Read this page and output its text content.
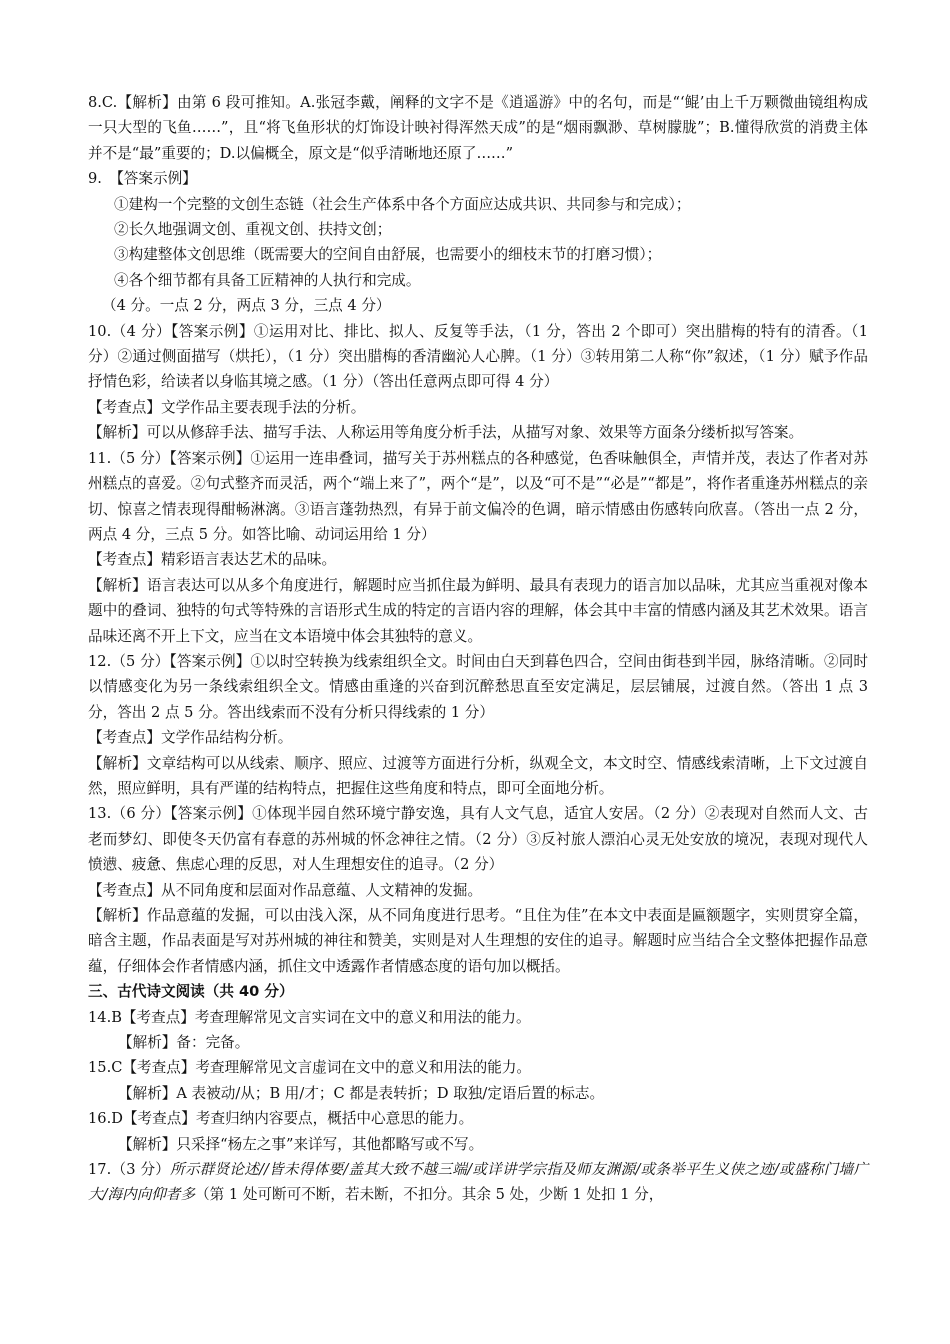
8.C.【解析】由第 6 段可推知。A.张冠李戴，阐释的文字不是《逍遥游》中的名句，而是“‘鲲’由上千万颗微曲镜组构成一只大型的飞鱼……”，且“将飞鱼形状的灯饰设计映衬得浑然天成”的是“烟雨飘渺、草树朦胧”；B.懂得欣赏的消费主体并不是“最”重要的；D.以偏概全，原文是“似乎清晰地还原了……”

9.　【答案示例】

①建构一个完整的文创生态链（社会生产体系中各个方面应达成共识、共同参与和完成）；

②长久地强调文创、重视文创、扶持文创；

③构建整体文创思维（既需要大的空间自由舒展，也需要小的细枝末节的打磨习惯）；

④各个细节都有具备工匠精神的人执行和完成。

（4 分。一点 2 分，两点 3 分，三点 4 分）

10.（4 分）【答案示例】①运用对比、排比、拟人、反复等手法，（1 分，答出 2 个即可）突出腊梅的特有的清香。（1 分）②通过侧面描写（烘托），（1 分）突出腊梅的香清幽沁人心脾。（1 分）③转用第二人称“你”叙述，（1 分）赋予作品抒情色彩，给读者以身临其境之感。（1 分）（答出任意两点即可得 4 分）

【考查点】文学作品主要表现手法的分析。

【解析】可以从修辞手法、描写手法、人称运用等角度分析手法，从描写对象、效果等方面条分缕析拟写答案。

11.（5 分）【答案示例】①运用一连串叠词，描写关于苏州糕点的各种感觉，色香味触俱全，声情并茂，表达了作者对苏州糕点的喜爱。②句式整齐而灵活，两个“端上来了”，两个“是”，以及“可不是”“必是”“都是”，将作者重逢苏州糕点的亲切、惊喜之情表现得酣畅淋漓。③语言蓬勃热烈，有异于前文偏冷的色调，暗示情感由伤感转向欣喜。（答出一点 2 分，两点 4 分，三点 5 分。如答比喻、动词运用给 1 分）

【考查点】精彩语言表达艺术的品味。

【解析】语言表达可以从多个角度进行，解题时应当抓住最为鲜明、最具有表现力的语言加以品味，尤其应当重视对像本题中的叠词、独特的句式等特殊的言语形式生成的特定的言语内容的理解，体会其中丰富的情感内涵及其艺术效果。语言品味还离不开上下文，应当在文本语境中体会其独特的意义。

12.（5 分）【答案示例】①以时空转换为线索组织全文。时间由白天到暮色四合，空间由街巷到半园，脉络清晰。②同时以情感变化为另一条线索组织全文。情感由重逢的兴奋到沉醉愁思直至安定满足，层层铺展，过渡自然。（答出 1 点 3 分，答出 2 点 5 分。答出线索而不没有分析只得线索的 1 分）

【考查点】文学作品结构分析。

【解析】文章结构可以从线索、顺序、照应、过渡等方面进行分析，纵观全文，本文时空、情感线索清晰，上下文过渡自然，照应鲜明，具有严谨的结构特点，把握住这些角度和特点，即可全面地分析。

13.（6 分）【答案示例】①体现半园自然环境宁静安逸，具有人文气息，适宜人安居。（2 分）②表现对自然而人文、古老而梦幻、即使冬天仍富有春意的苏州城的怀念神往之情。（2 分）③反衬旅人漂泊心灵无处安放的境况，表现对现代人愤懑、疲惫、焦虑心理的反思，对人生理想安住的追寻。（2 分）

【考查点】从不同角度和层面对作品意蕴、人文精神的发掘。

【解析】作品意蕴的发掘，可以由浅入深，从不同角度进行思考。“且住为佳”在本文中表面是匾额题字，实则贯穿全篇，暗含主题，作品表面是写对苏州城的神往和赞美，实则是对人生理想的安住的追寻。解题时应当结合全文整体把握作品意蕴，仔细体会作者情感内涵，抓住文中透露作者情感态度的语句加以概括。

三、古代诗文阅读（共 40 分）

14.B【考查点】考查理解常见文言实词在文中的意义和用法的能力。

【解析】备：完备。

15.C【考查点】考查理解常见文言虚词在文中的意义和用法的能力。

【解析】A 表被动/从；B 用/才；C 都是表转折；D 取独/定语后置的标志。

16.D【考查点】考查归纳内容要点，概括中心意思的能力。

【解析】只采择“杨左之事”来详写，其他都略写或不写。

17.（3 分）所示群贤论述//皆未得体要/盖其大致不越三端/或详讲学宗指及师友渊源/或条举平生义侠之迹/或盛称门墙广大/海内向仰者多（第 1 处可断可不断，若未断，不扣分。其余 5 处，少断 1 处扣 1 分，
